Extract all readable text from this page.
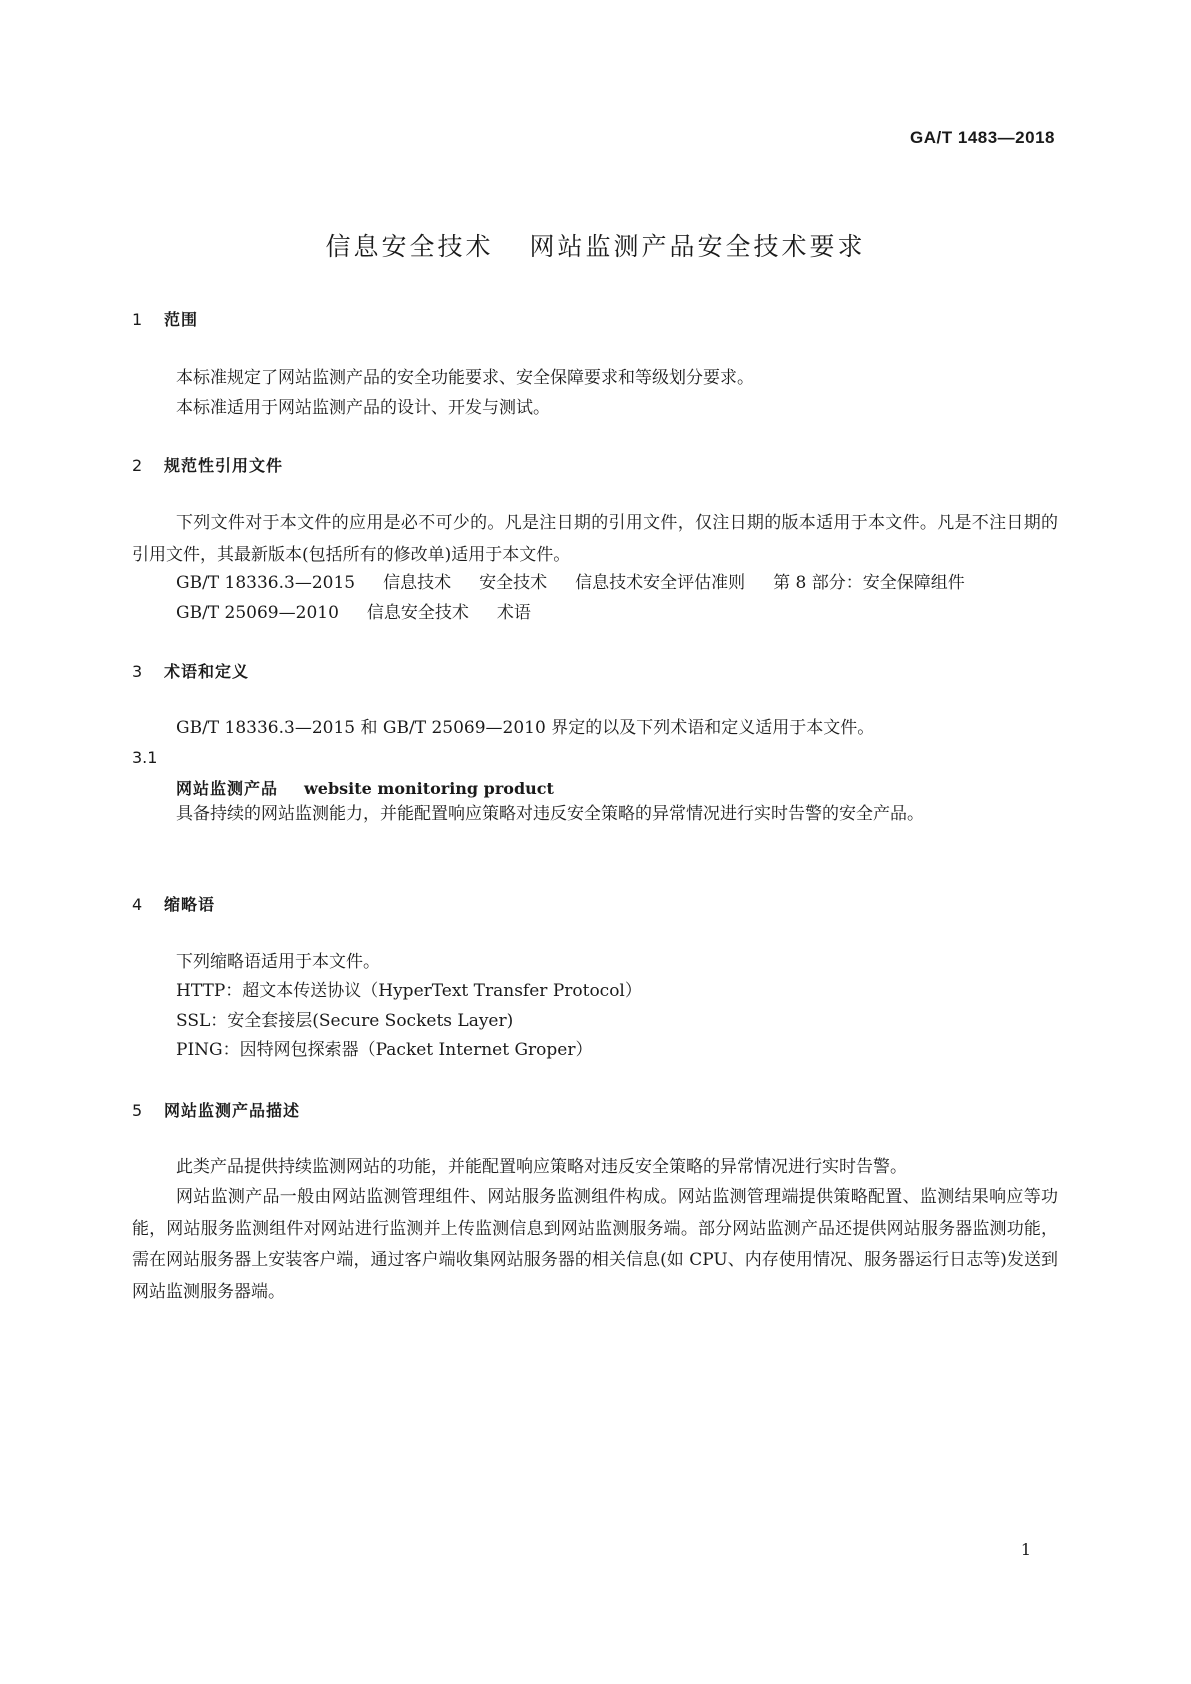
GA/T 1483—2018
信息安全技术 网站监测产品安全技术要求
1 范围
本标准规定了网站监测产品的安全功能要求、安全保障要求和等级划分要求。
本标准适用于网站监测产品的设计、开发与测试。
2 规范性引用文件
下列文件对于本文件的应用是必不可少的。凡是注日期的引用文件，仅注日期的版本适用于本文件。凡是不注日期的引用文件，其最新版本(包括所有的修改单)适用于本文件。
GB/T 18336.3—2015 信息技术 安全技术 信息技术安全评估准则 第 8 部分：安全保障组件
GB/T 25069—2010 信息安全技术 术语
3 术语和定义
GB/T 18336.3—2015 和 GB/T 25069—2010 界定的以及下列术语和定义适用于本文件。
3.1
网站监测产品 website monitoring product
具备持续的网站监测能力，并能配置响应策略对违反安全策略的异常情况进行实时告警的安全产品。
4 缩略语
下列缩略语适用于本文件。
HTTP：超文本传送协议（HyperText Transfer Protocol）
SSL：安全套接层(Secure Sockets Layer)
PING：因特网包探索器（Packet Internet Groper）
5 网站监测产品描述
此类产品提供持续监测网站的功能，并能配置响应策略对违反安全策略的异常情况进行实时告警。
网站监测产品一般由网站监测管理组件、网站服务监测组件构成。网站监测管理端提供策略配置、监测结果响应等功能，网站服务监测组件对网站进行监测并上传监测信息到网站监测服务端。部分网站监测产品还提供网站服务器监测功能，需在网站服务器上安装客户端，通过客户端收集网站服务器的相关信息(如 CPU、内存使用情况、服务器运行日志等)发送到网站监测服务器端。
1
